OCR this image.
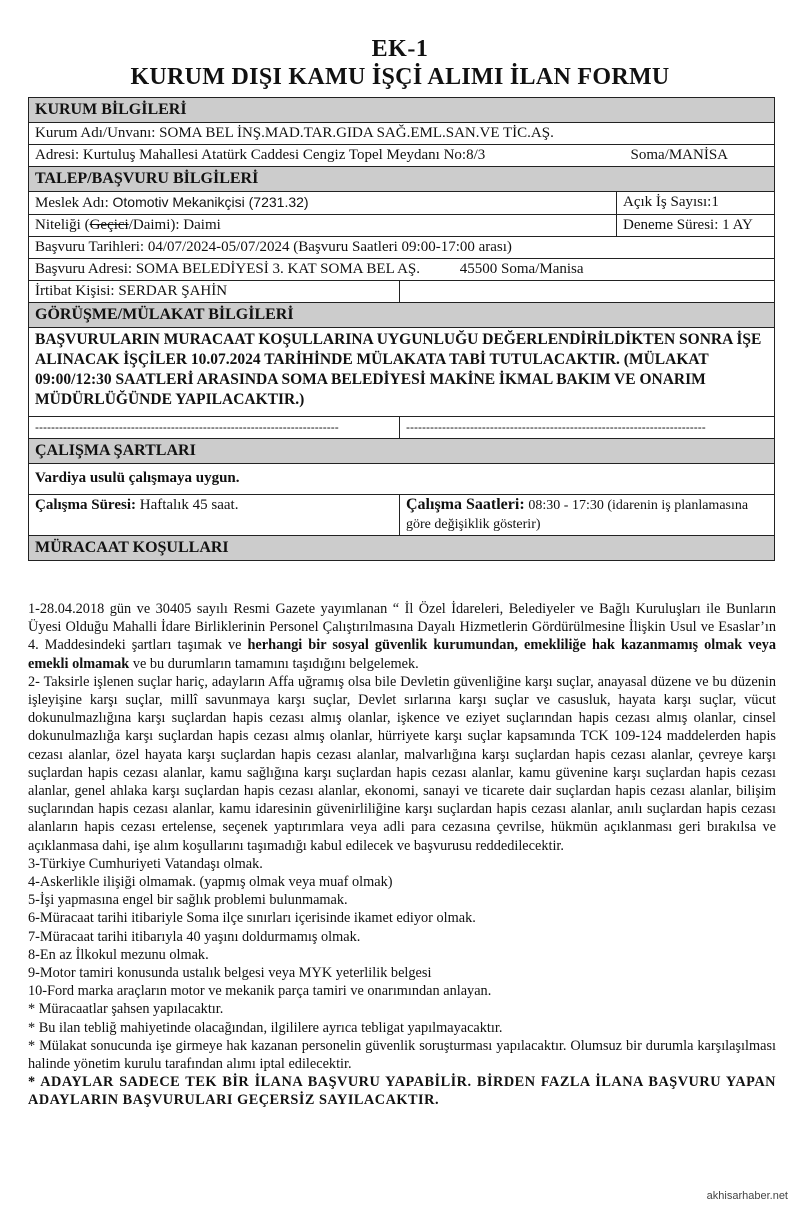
EK-1
KURUM DIŞI KAMU İŞÇİ ALIMI İLAN FORMU
KURUM BİLGİLERİ
Kurum Adı/Unvanı: SOMA BEL İNŞ.MAD.TAR.GIDA SAĞ.EML.SAN.VE TİC.AŞ.
Adresi: Kurtuluş Mahallesi Atatürk Caddesi Cengiz Topel Meydanı No:8/3	Soma/MANİSA
TALEP/BAŞVURU BİLGİLERİ
Meslek Adı: Otomotiv Mekanikçisi (7231.32)	Açık İş Sayısı:1
Niteliği ( Geçici /Daimi): Daimi	Deneme Süresi: 1 AY
Başvuru Tarihleri: 04/07/2024-05/07/2024 (Başvuru Saatleri 09:00-17:00 arası)
Başvuru Adresi: SOMA BELEDİYESİ 3. KAT SOMA BEL AŞ.	45500 Soma/Manisa
İrtibat Kişisi: SERDAR ŞAHİN
GÖRÜŞME/MÜLAKAT BİLGİLERİ
BAŞVURULARIN MURACAAT KOŞULLARINA UYGUNLUĞU DEĞERLENDİRİLDİKTEN SONRA İŞE ALINACAK İŞÇİLER 10.07.2024 TARİHİNDE MÜLAKATA TABİ TUTULACAKTIR. (MÜLAKAT 09:00/12:30 SAATLERİ ARASINDA SOMA BELEDİYESİ MAKİNE İKMAL BAKIM VE ONARIM MÜDÜRLÜĞÜNDE YAPILACAKTIR.)
----------------------------------------------------------------------------	---------------------------------------------------------------------------
ÇALIŞMA ŞARTLARI
Vardiya usulü çalışmaya uygun.
Çalışma Süresi: Haftalık 45 saat.	Çalışma Saatleri: 08:30 - 17:30 (idarenin iş planlamasına göre değişiklik gösterir)
MÜRACAAT KOŞULLARI

1-28.04.2018 gün ve 30405 sayılı Resmi Gazete yayımlanan “ İl Özel İdareleri, Belediyeler ve Bağlı Kuruluşları ile Bunların Üyesi Olduğu Mahalli İdare Birliklerinin Personel Çalıştırılmasına Dayalı Hizmetlerin Gördürülmesine İlişkin Usul ve Esaslar’ın 4. Maddesindeki şartları taşımak ve herhangi bir sosyal güvenlik kurumundan, emekliliğe hak kazanmamış olmak veya emekli olmamak ve bu durumların tamamını taşıdığını belgelemek.

2- Taksirle işlenen suçlar hariç, adayların Affa uğramış olsa bile Devletin güvenliğine karşı suçlar, anayasal düzene ve bu düzenin işleyişine karşı suçlar, millî savunmaya karşı suçlar, Devlet sırlarına karşı suçlar ve casusluk, hayata karşı suçlar, vücut dokunulmazlığına karşı suçlardan hapis cezası almış olanlar, işkence ve eziyet suçlarından hapis cezası almış olanlar, cinsel dokunulmazlığa karşı suçlardan hapis cezası almış olanlar, hürriyete karşı suçlar kapsamında TCK 109-124 maddelerden hapis cezası alanlar, özel hayata karşı suçlardan hapis cezası alanlar, malvarlığına karşı suçlardan hapis cezası alanlar, çevreye karşı suçlardan hapis cezası alanlar, kamu sağlığına karşı suçlardan hapis cezası alanlar, kamu güvenine karşı suçlardan hapis cezası alanlar, genel ahlaka karşı suçlardan hapis cezası alanlar, ekonomi, sanayi ve ticarete dair suçlardan hapis cezası alanlar, bilişim suçlarından hapis cezası alanlar, kamu idaresinin güvenirliliğine karşı suçlardan hapis cezası alanlar, anılı suçlardan hapis cezası alanların hapis cezası ertelense, seçenek yaptırımlara veya adli para cezasına çevrilse, hükmün açıklanması geri bırakılsa ve açıklanmasa dahi, işe alım koşullarını taşımadığı kabul edilecek ve başvurusu reddedilecektir.

3-Türkiye Cumhuriyeti Vatandaşı olmak.

4-Askerlikle ilişiği olmamak. (yapmış olmak veya muaf olmak)

5-İşi yapmasına engel bir sağlık problemi bulunmamak.

6-Müracaat tarihi itibariyle Soma ilçe sınırları içerisinde ikamet ediyor olmak.

7-Müracaat tarihi itibarıyla 40 yaşını doldurmamış olmak.

8-En az İlkokul mezunu olmak.

9-Motor tamiri konusunda ustalık belgesi veya MYK yeterlilik belgesi

10-Ford marka araçların motor ve mekanik parça tamiri ve onarımından anlayan.

* Müracaatlar şahsen yapılacaktır.

* Bu ilan tebliğ mahiyetinde olacağından, ilgililere ayrıca tebligat yapılmayacaktır.

* Mülakat sonucunda işe girmeye hak kazanan personelin güvenlik soruşturması yapılacaktır. Olumsuz bir durumla karşılaşılması halinde yönetim kurulu tarafından alımı iptal edilecektir.

* ADAYLAR SADECE TEK BİR İLANA BAŞVURU YAPABİLİR. BİRDEN FAZLA İLANA BAŞVURU YAPAN ADAYLARIN BAŞVURULARI GEÇERSİZ SAYILACAKTIR.

akhisarhaber.net
